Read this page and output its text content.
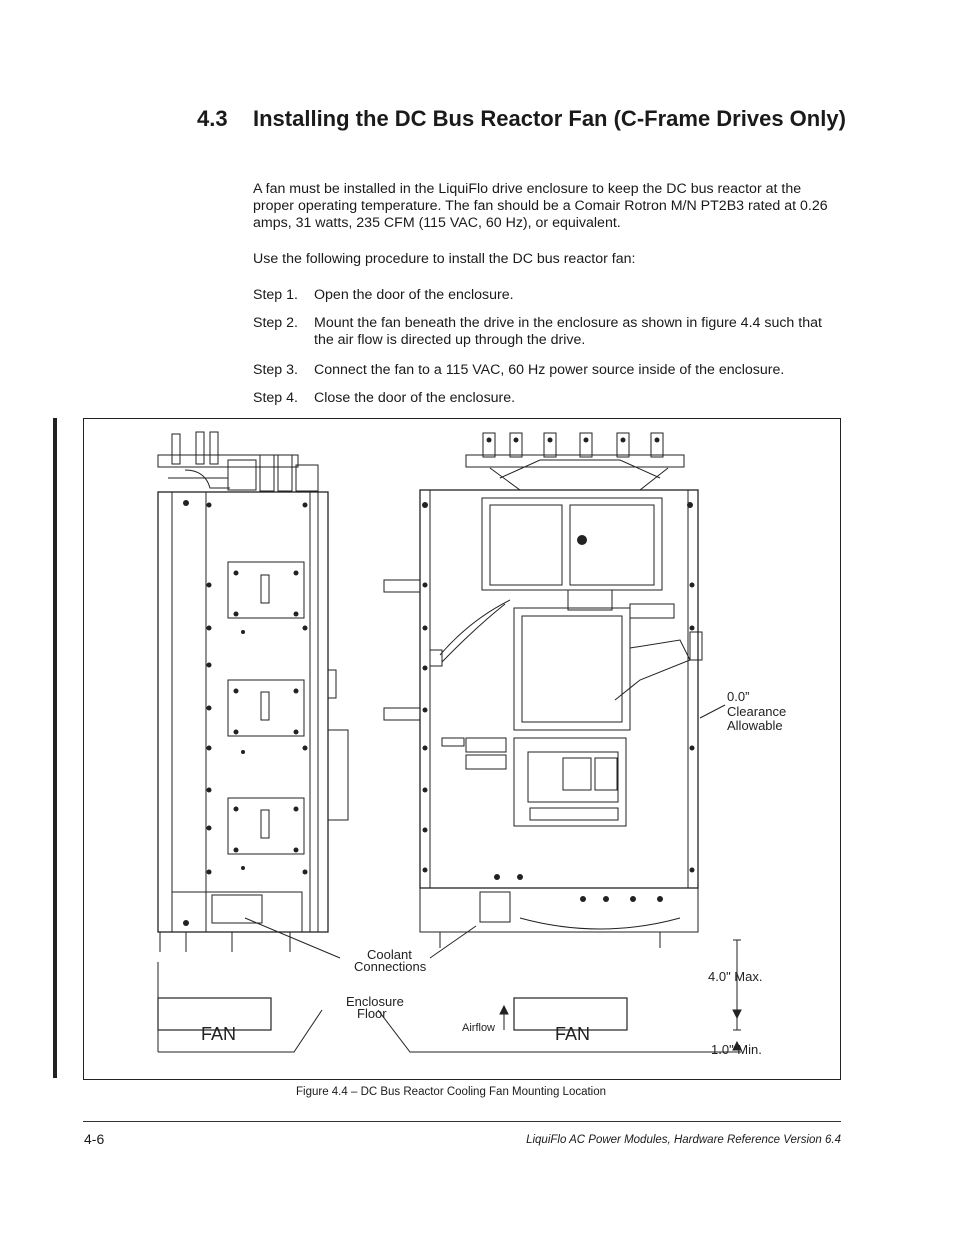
4.3 Installing the DC Bus Reactor Fan (C-Frame Drives Only)
A fan must be installed in the LiquiFlo drive enclosure to keep the DC bus reactor at the proper operating temperature. The fan should be a Comair Rotron M/N PT2B3 rated at 0.26 amps, 31 watts, 235 CFM (115 VAC, 60 Hz), or equivalent.
Use the following procedure to install the DC bus reactor fan:
Step 1. Open the door of the enclosure.
Step 2. Mount the fan beneath the drive in the enclosure as shown in figure 4.4 such that the air flow is directed up through the drive.
Step 3. Connect the fan to a 115 VAC, 60 Hz power source inside of the enclosure.
Step 4. Close the door of the enclosure.
0.0”
Clearance
Allowable
Coolant
Connections
4.0" Max.
Enclosure
Floor
1.0" Min.
Airflow
FAN	FAN
Figure 4.4 – DC Bus Reactor Cooling Fan Mounting Location
4-6	LiquiFlo AC Power Modules, Hardware Reference Version 6.4
